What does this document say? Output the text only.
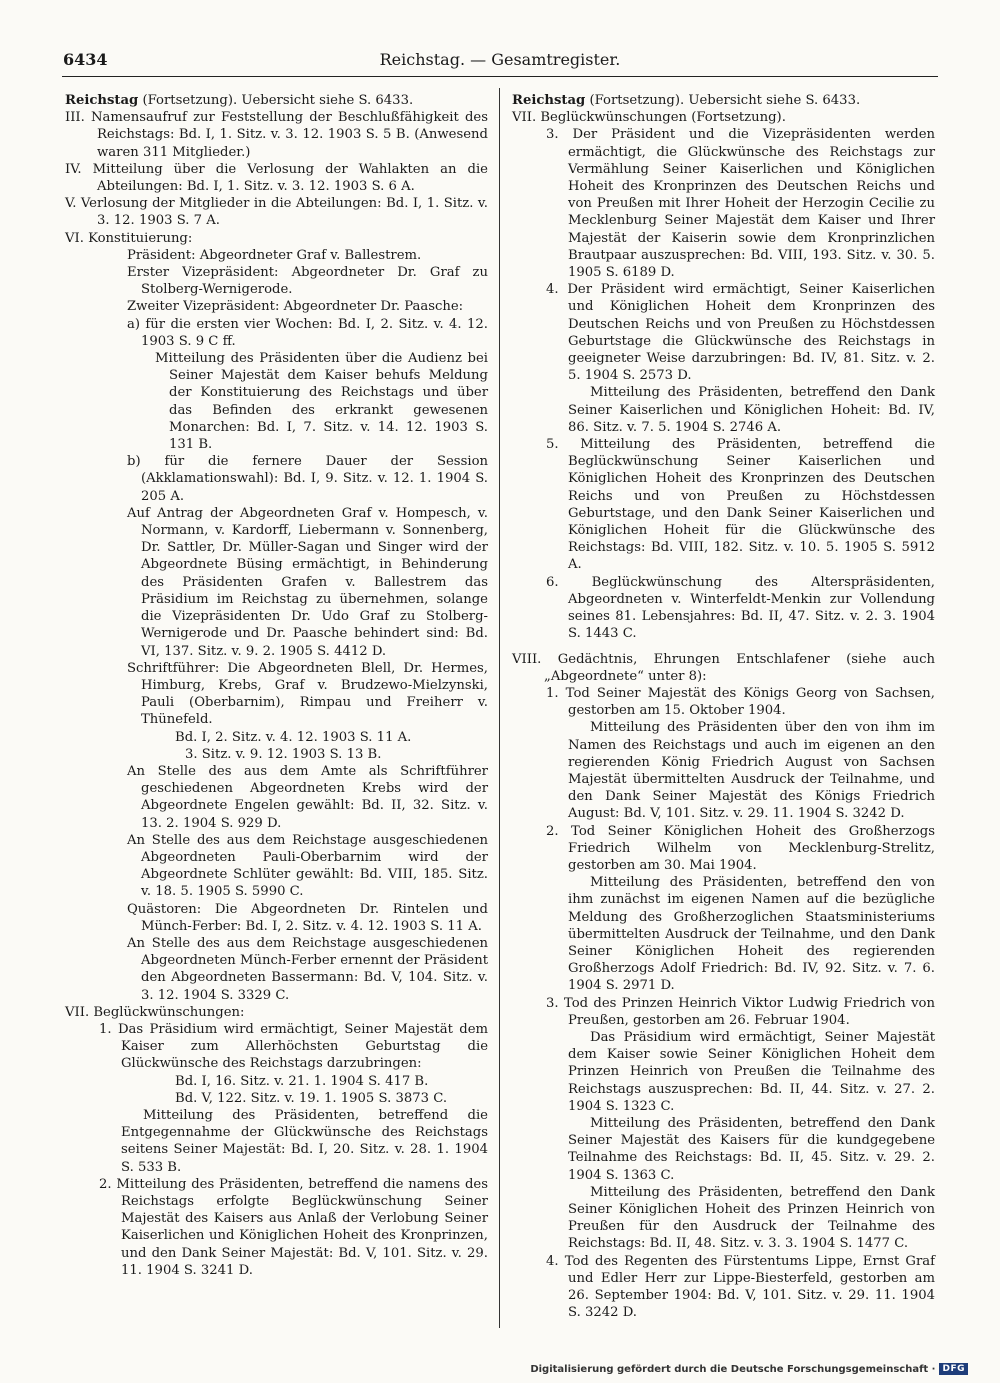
6434	Reichstag. — Gesamtregister.

Reichstag (Fortsetzung). Uebersicht siehe S. 6433.

III. Namensaufruf zur Feststellung der Beschlußfähigkeit des Reichstags: Bd. I, 1. Sitz. v. 3. 12. 1903 S. 5 B. (Anwesend waren 311 Mitglieder.)

IV. Mitteilung über die Verlosung der Wahlakten an die Abteilungen: Bd. I, 1. Sitz. v. 3. 12. 1903 S. 6 A.

V. Verlosung der Mitglieder in die Abteilungen: Bd. I, 1. Sitz. v. 3. 12. 1903 S. 7 A.

VI. Konstituierung:

Präsident: Abgeordneter Graf v. Ballestrem.

Erster Vizepräsident: Abgeordneter Dr. Graf zu Stolberg-Wernigerode.

Zweiter Vizepräsident: Abgeordneter Dr. Paasche:

a) für die ersten vier Wochen: Bd. I, 2. Sitz. v. 4. 12. 1903 S. 9 C ff.

Mitteilung des Präsidenten über die Audienz bei Seiner Majestät dem Kaiser behufs Meldung der Konstituierung des Reichstags und über das Befinden des erkrankt gewesenen Monarchen: Bd. I, 7. Sitz. v. 14. 12. 1903 S. 131 B.

b) für die fernere Dauer der Session (Akklamationswahl): Bd. I, 9. Sitz. v. 12. 1. 1904 S. 205 A.

Auf Antrag der Abgeordneten Graf v. Hompesch, v. Normann, v. Kardorff, Liebermann v. Sonnenberg, Dr. Sattler, Dr. Müller-Sagan und Singer wird der Abgeordnete Büsing ermächtigt, in Behinderung des Präsidenten Grafen v. Ballestrem das Präsidium im Reichstag zu übernehmen, solange die Vizepräsidenten Dr. Udo Graf zu Stolberg-Wernigerode und Dr. Paasche behindert sind: Bd. VI, 137. Sitz. v. 9. 2. 1905 S. 4412 D.

Schriftführer: Die Abgeordneten Blell, Dr. Hermes, Himburg, Krebs, Graf v. Brudzewo-Mielzynski, Pauli (Oberbarnim), Rimpau und Freiherr v. Thünefeld.

Bd. I, 2. Sitz. v. 4. 12. 1903 S. 11 A.

3. Sitz. v. 9. 12. 1903 S. 13 B.

An Stelle des aus dem Amte als Schriftführer geschiedenen Abgeordneten Krebs wird der Abgeordnete Engelen gewählt: Bd. II, 32. Sitz. v. 13. 2. 1904 S. 929 D.

An Stelle des aus dem Reichstage ausgeschiedenen Abgeordneten Pauli-Oberbarnim wird der Abgeordnete Schlüter gewählt: Bd. VIII, 185. Sitz. v. 18. 5. 1905 S. 5990 C.

Quästoren: Die Abgeordneten Dr. Rintelen und Münch-Ferber: Bd. I, 2. Sitz. v. 4. 12. 1903 S. 11 A.

An Stelle des aus dem Reichstage ausgeschiedenen Abgeordneten Münch-Ferber ernennt der Präsident den Abgeordneten Bassermann: Bd. V, 104. Sitz. v. 3. 12. 1904 S. 3329 C.

VII. Beglückwünschungen:

1. Das Präsidium wird ermächtigt, Seiner Majestät dem Kaiser zum Allerhöchsten Geburtstag die Glückwünsche des Reichstags darzubringen:

Bd. I, 16. Sitz. v. 21. 1. 1904 S. 417 B.

Bd. V, 122. Sitz. v. 19. 1. 1905 S. 3873 C.

Mitteilung des Präsidenten, betreffend die Entgegennahme der Glückwünsche des Reichstags seitens Seiner Majestät: Bd. I, 20. Sitz. v. 28. 1. 1904 S. 533 B.

2. Mitteilung des Präsidenten, betreffend die namens des Reichstags erfolgte Beglückwünschung Seiner Majestät des Kaisers aus Anlaß der Verlobung Seiner Kaiserlichen und Königlichen Hoheit des Kronprinzen, und den Dank Seiner Majestät: Bd. V, 101. Sitz. v. 29. 11. 1904 S. 3241 D.

Reichstag (Fortsetzung). Uebersicht siehe S. 6433.

VII. Beglückwünschungen (Fortsetzung).

3. Der Präsident und die Vizepräsidenten werden ermächtigt, die Glückwünsche des Reichstags zur Vermählung Seiner Kaiserlichen und Königlichen Hoheit des Kronprinzen des Deutschen Reichs und von Preußen mit Ihrer Hoheit der Herzogin Cecilie zu Mecklenburg Seiner Majestät dem Kaiser und Ihrer Majestät der Kaiserin sowie dem Kronprinzlichen Brautpaar auszusprechen: Bd. VIII, 193. Sitz. v. 30. 5. 1905 S. 6189 D.

4. Der Präsident wird ermächtigt, Seiner Kaiserlichen und Königlichen Hoheit dem Kronprinzen des Deutschen Reichs und von Preußen zu Höchstdessen Geburtstage die Glückwünsche des Reichstags in geeigneter Weise darzubringen: Bd. IV, 81. Sitz. v. 2. 5. 1904 S. 2573 D.

Mitteilung des Präsidenten, betreffend den Dank Seiner Kaiserlichen und Königlichen Hoheit: Bd. IV, 86. Sitz. v. 7. 5. 1904 S. 2746 A.

5. Mitteilung des Präsidenten, betreffend die Beglückwünschung Seiner Kaiserlichen und Königlichen Hoheit des Kronprinzen des Deutschen Reichs und von Preußen zu Höchstdessen Geburtstage, und den Dank Seiner Kaiserlichen und Königlichen Hoheit für die Glückwünsche des Reichstags: Bd. VIII, 182. Sitz. v. 10. 5. 1905 S. 5912 A.

6. Beglückwünschung des Alterspräsidenten, Abgeordneten v. Winterfeldt-Menkin zur Vollendung seines 81. Lebensjahres: Bd. II, 47. Sitz. v. 2. 3. 1904 S. 1443 C.

VIII. Gedächtnis, Ehrungen Entschlafener (siehe auch „Abgeordnete“ unter 8):

1. Tod Seiner Majestät des Königs Georg von Sachsen, gestorben am 15. Oktober 1904.

Mitteilung des Präsidenten über den von ihm im Namen des Reichstags und auch im eigenen an den regierenden König Friedrich August von Sachsen Majestät übermittelten Ausdruck der Teilnahme, und den Dank Seiner Majestät des Königs Friedrich August: Bd. V, 101. Sitz. v. 29. 11. 1904 S. 3242 D.

2. Tod Seiner Königlichen Hoheit des Großherzogs Friedrich Wilhelm von Mecklenburg-Strelitz, gestorben am 30. Mai 1904.

Mitteilung des Präsidenten, betreffend den von ihm zunächst im eigenen Namen auf die bezügliche Meldung des Großherzoglichen Staatsministeriums übermittelten Ausdruck der Teilnahme, und den Dank Seiner Königlichen Hoheit des regierenden Großherzogs Adolf Friedrich: Bd. IV, 92. Sitz. v. 7. 6. 1904 S. 2971 D.

3. Tod des Prinzen Heinrich Viktor Ludwig Friedrich von Preußen, gestorben am 26. Februar 1904.

Das Präsidium wird ermächtigt, Seiner Majestät dem Kaiser sowie Seiner Königlichen Hoheit dem Prinzen Heinrich von Preußen die Teilnahme des Reichstags auszusprechen: Bd. II, 44. Sitz. v. 27. 2. 1904 S. 1323 C.

Mitteilung des Präsidenten, betreffend den Dank Seiner Majestät des Kaisers für die kundgegebene Teilnahme des Reichstags: Bd. II, 45. Sitz. v. 29. 2. 1904 S. 1363 C.

Mitteilung des Präsidenten, betreffend den Dank Seiner Königlichen Hoheit des Prinzen Heinrich von Preußen für den Ausdruck der Teilnahme des Reichstags: Bd. II, 48. Sitz. v. 3. 3. 1904 S. 1477 C.

4. Tod des Regenten des Fürstentums Lippe, Ernst Graf und Edler Herr zur Lippe-Biesterfeld, gestorben am 26. September 1904: Bd. V, 101. Sitz. v. 29. 11. 1904 S. 3242 D.

Digitalisierung gefördert durch die Deutsche Forschungsgemeinschaft · DFG
